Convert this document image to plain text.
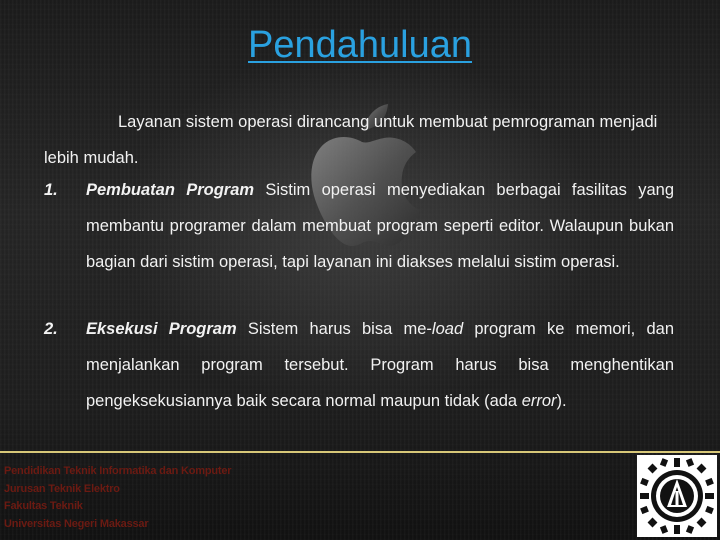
Pendahuluan

Layanan sistem operasi dirancang untuk membuat pemrograman menjadi lebih mudah.

1. Pembuatan Program Sistim operasi menyediakan berbagai fasilitas yang membantu programer dalam membuat program seperti editor. Walaupun bukan bagian dari sistim operasi, tapi layanan ini diakses melalui sistim operasi.
2. Eksekusi Program Sistem harus bisa me-load program ke memori, dan menjalankan program tersebut. Program harus bisa menghentikan pengeksekusiannya baik secara normal maupun tidak (ada error).
Pendidikan Teknik Informatika dan Komputer
Jurusan Teknik Elektro
Fakultas Teknik
Universitas Negeri Makassar
